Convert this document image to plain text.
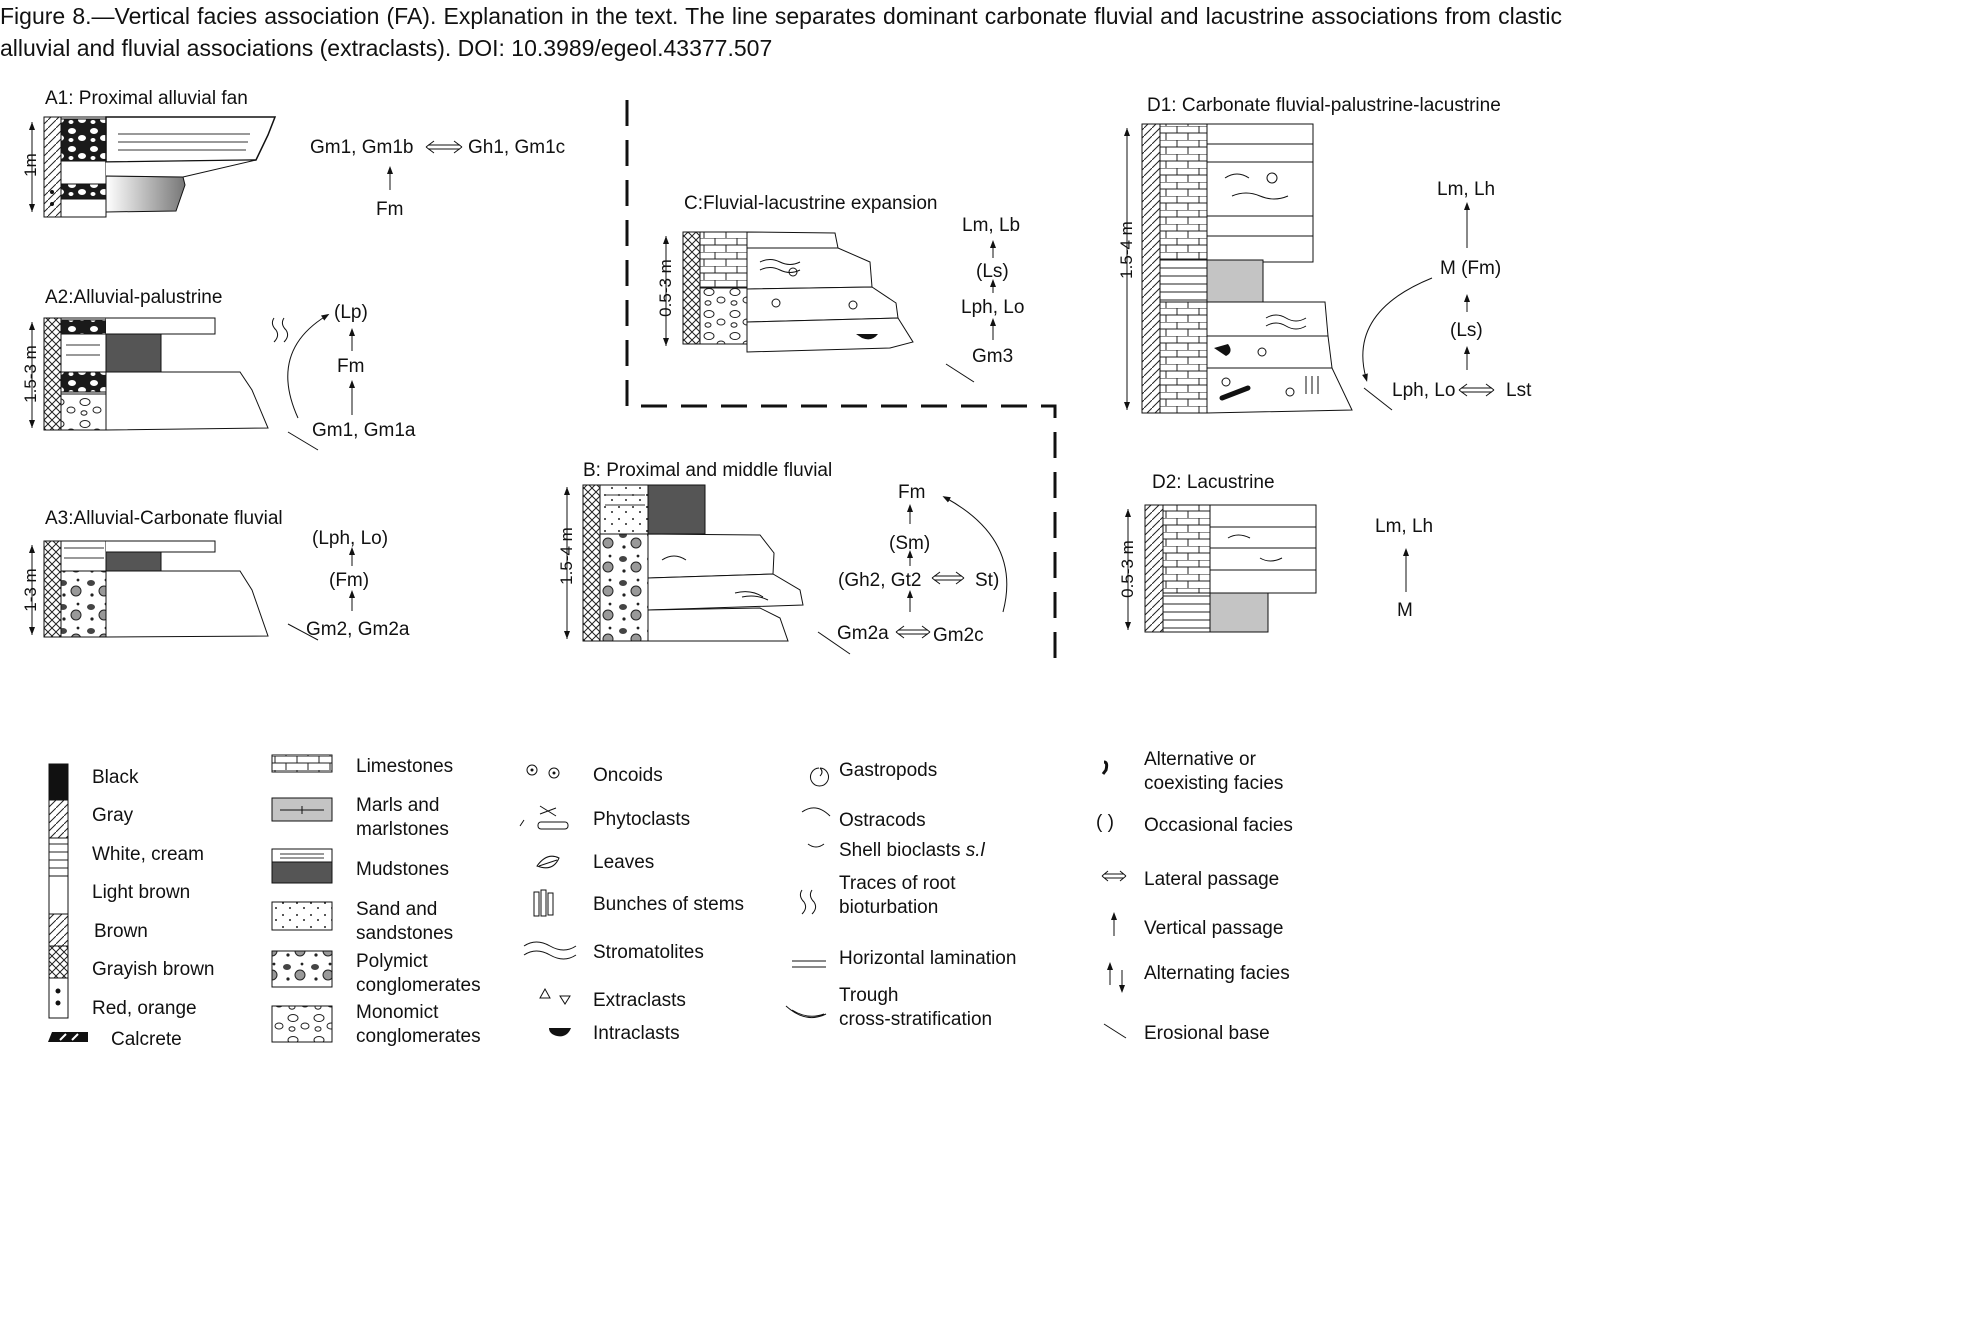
Figure 8.—Vertical facies association (FA). Explanation in the text. The line separates dominant carbonate fluvial and lacustrine associations from clastic alluvial and fluvial associations (extraclasts). DOI: 10.3989/egeol.43377.507
A1: Proximal alluvial fan
1m
Gm1, Gm1b	Gh1, Gm1c
Fm
A2:Alluvial-palustrine
1.5-3 m
(Lp)
Fm
Gm1, Gm1a
A3:Alluvial-Carbonate fluvial
1-3 m
(Lph, Lo)
(Fm)
Gm2, Gm2a
C:Fluvial-lacustrine expansion
0.5-3 m
Lm, Lb
(Ls)
Lph, Lo
Gm3
B: Proximal and middle fluvial
1.5-4 m
Fm
(Sm)
(Gh2, Gt2	St)
Gm2a Gm2c
D1: Carbonate fluvial-palustrine-lacustrine
1.5-4 m
Lm, Lh
M (Fm)
(Ls)
Lph, Lo	Lst
D2: Lacustrine
0.5-3 m
Lm, Lh
M
Black
Gray
White, cream
Light brown
Brown
Grayish brown
Red, orange
Calcrete
Limestones
Marls and
marlstones
Mudstones
Sand and
sandstones
Polymict
conglomerates
Monomict
conglomerates
Oncoids
Phytoclasts
Leaves
Bunches of stems
Stromatolites
Extraclasts
Intraclasts
Gastropods
Ostracods
Shell bioclasts s.l
Traces of root
bioturbation
Horizontal lamination
Trough
cross-stratification
( )
Alternative or
coexisting facies
Occasional facies
Lateral passage
Vertical passage
Alternating facies
Erosional base
